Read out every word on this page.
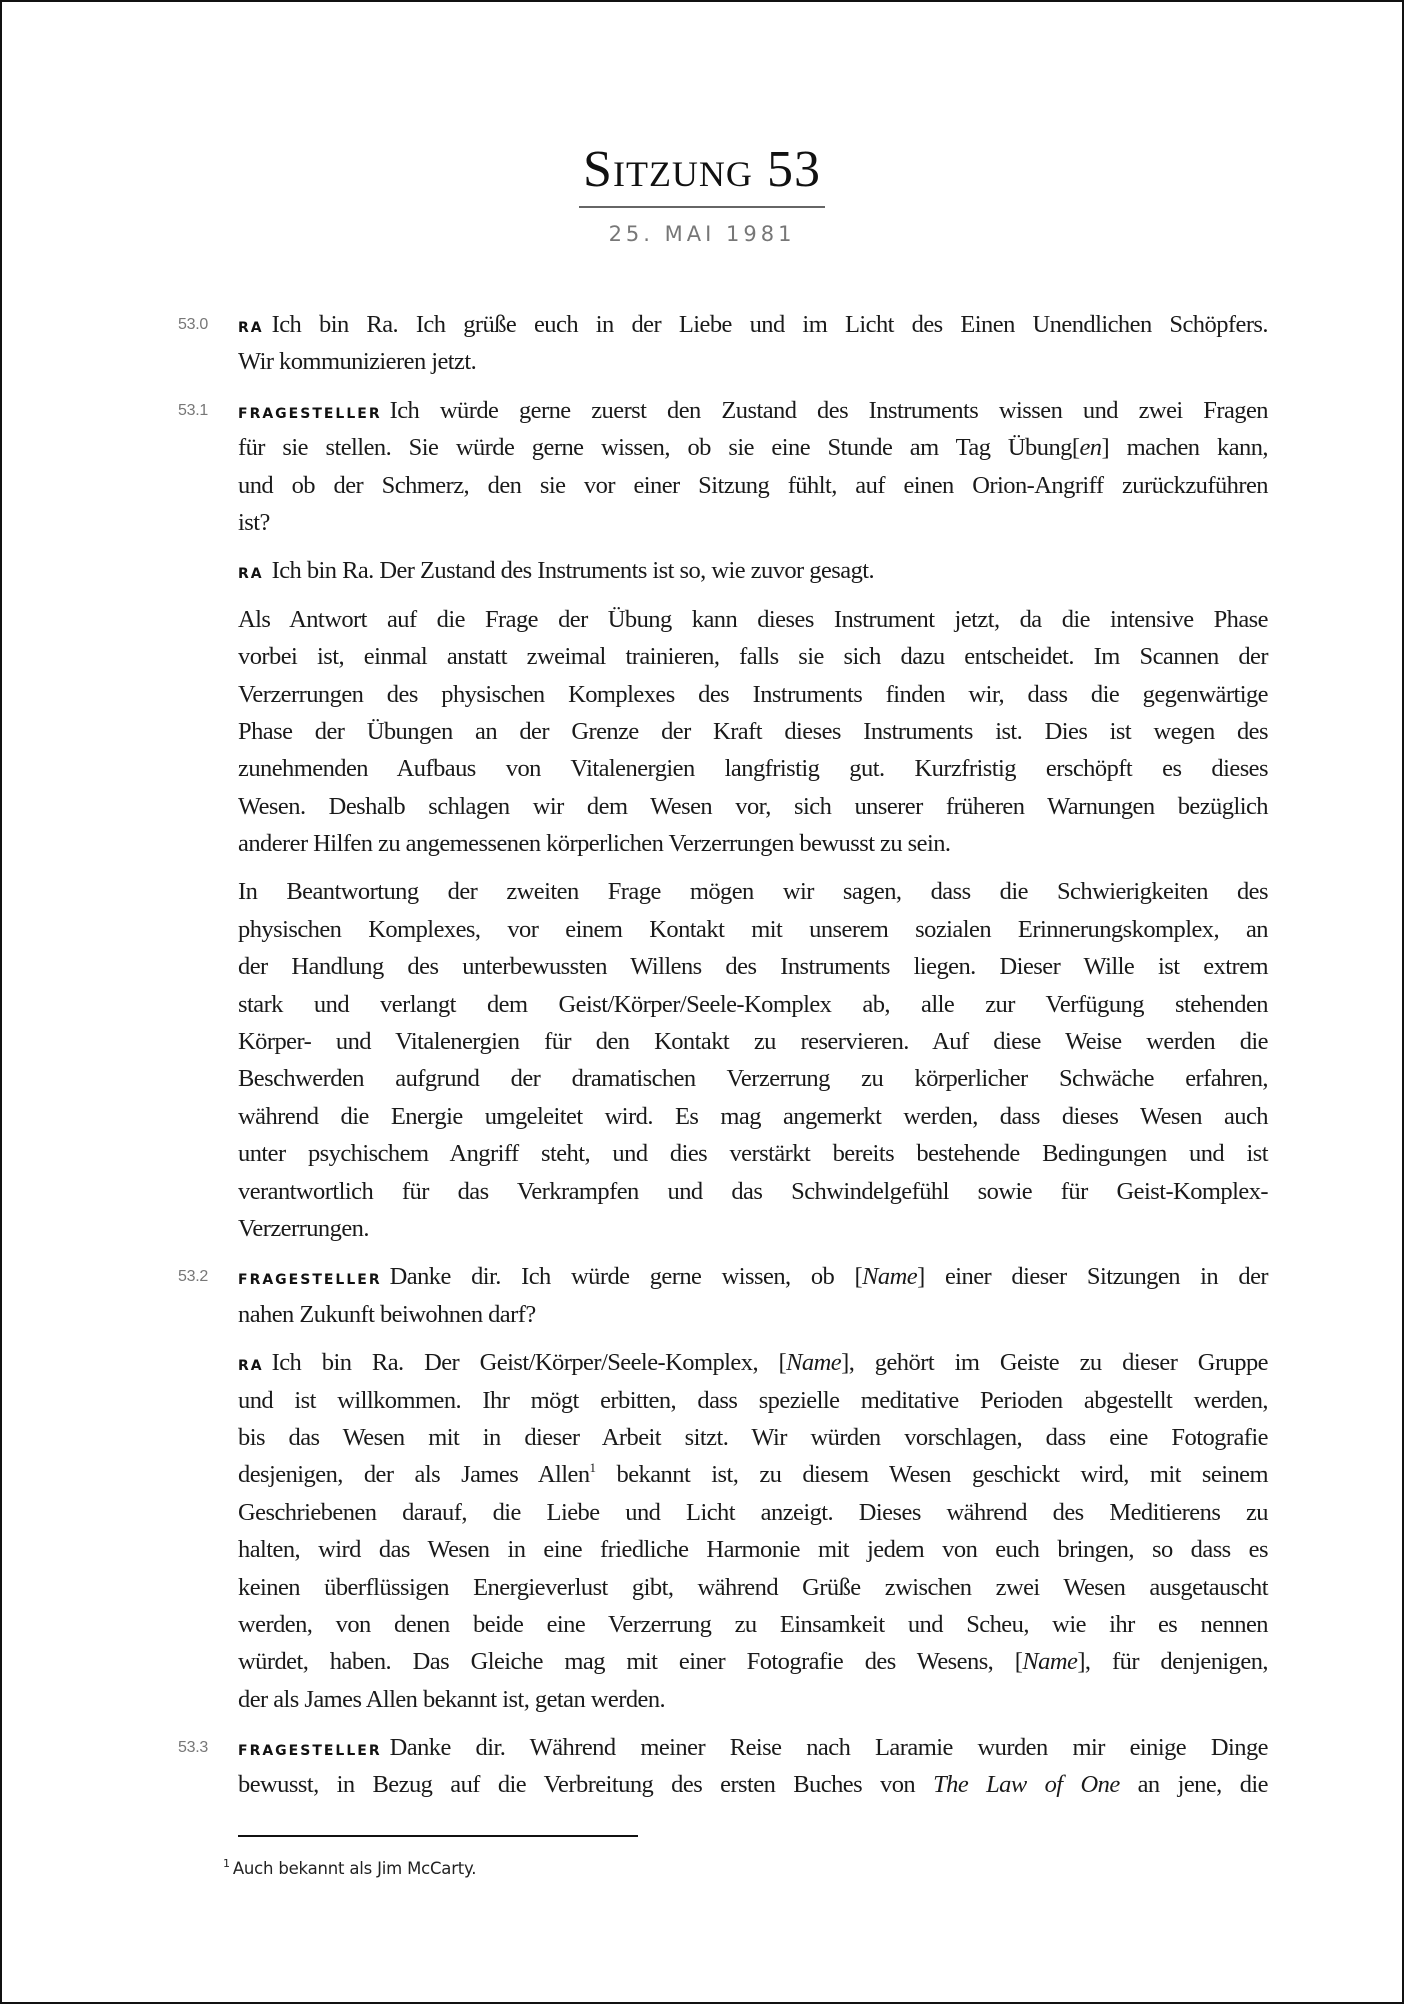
Sitzung 53
25. MAI 1981
53.0 RA Ich bin Ra. Ich grüße euch in der Liebe und im Licht des Einen Unendlichen Schöpfers.
Wir kommunizieren jetzt.
53.1 FRAGESTELLER Ich würde gerne zuerst den Zustand des Instruments wissen und zwei Fragen
für sie stellen. Sie würde gerne wissen, ob sie eine Stunde am Tag Übung[en] machen kann,
und ob der Schmerz, den sie vor einer Sitzung fühlt, auf einen Orion-Angriff zurückzuführen
ist?
RA Ich bin Ra. Der Zustand des Instruments ist so, wie zuvor gesagt.
Als Antwort auf die Frage der Übung kann dieses Instrument jetzt, da die intensive Phase
vorbei ist, einmal anstatt zweimal trainieren, falls sie sich dazu entscheidet. Im Scannen der
Verzerrungen des physischen Komplexes des Instruments finden wir, dass die gegenwärtige
Phase der Übungen an der Grenze der Kraft dieses Instruments ist. Dies ist wegen des
zunehmenden Aufbaus von Vitalenergien langfristig gut. Kurzfristig erschöpft es dieses
Wesen. Deshalb schlagen wir dem Wesen vor, sich unserer früheren Warnungen bezüglich
anderer Hilfen zu angemessenen körperlichen Verzerrungen bewusst zu sein.
In Beantwortung der zweiten Frage mögen wir sagen, dass die Schwierigkeiten des
physischen Komplexes, vor einem Kontakt mit unserem sozialen Erinnerungskomplex, an
der Handlung des unterbewussten Willens des Instruments liegen. Dieser Wille ist extrem
stark und verlangt dem Geist/Körper/Seele-Komplex ab, alle zur Verfügung stehenden
Körper- und Vitalenergien für den Kontakt zu reservieren. Auf diese Weise werden die
Beschwerden aufgrund der dramatischen Verzerrung zu körperlicher Schwäche erfahren,
während die Energie umgeleitet wird. Es mag angemerkt werden, dass dieses Wesen auch
unter psychischem Angriff steht, und dies verstärkt bereits bestehende Bedingungen und ist
verantwortlich für das Verkrampfen und das Schwindelgefühl sowie für Geist-Komplex-
Verzerrungen.
53.2 FRAGESTELLER Danke dir. Ich würde gerne wissen, ob [Name] einer dieser Sitzungen in der
nahen Zukunft beiwohnen darf?
RA Ich bin Ra. Der Geist/Körper/Seele-Komplex, [Name], gehört im Geiste zu dieser Gruppe
und ist willkommen. Ihr mögt erbitten, dass spezielle meditative Perioden abgestellt werden,
bis das Wesen mit in dieser Arbeit sitzt. Wir würden vorschlagen, dass eine Fotografie
desjenigen, der als James Allen$^1$ bekannt ist, zu diesem Wesen geschickt wird, mit seinem
Geschriebenen darauf, die Liebe und Licht anzeigt. Dieses während des Meditierens zu
halten, wird das Wesen in eine friedliche Harmonie mit jedem von euch bringen, so dass es
keinen überflüssigen Energieverlust gibt, während Grüße zwischen zwei Wesen ausgetauscht
werden, von denen beide eine Verzerrung zu Einsamkeit und Scheu, wie ihr es nennen
würdet, haben. Das Gleiche mag mit einer Fotografie des Wesens, [Name], für denjenigen,
der als James Allen bekannt ist, getan werden.
53.3 FRAGESTELLER Danke dir. Während meiner Reise nach Laramie wurden mir einige Dinge
bewusst, in Bezug auf die Verbreitung des ersten Buches von The Law of One an jene, die
$^1$ Auch bekannt als Jim McCarty.
